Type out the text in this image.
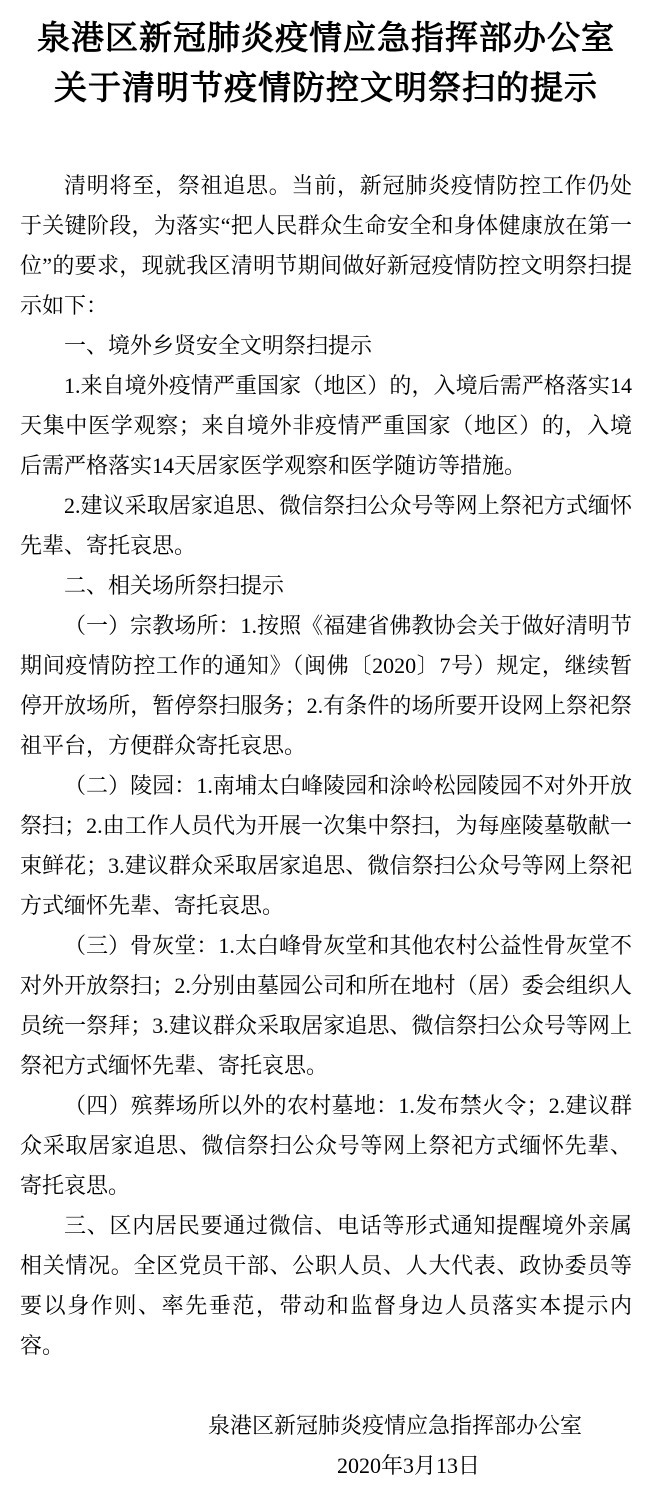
泉港区新冠肺炎疫情应急指挥部办公室
关于清明节疫情防控文明祭扫的提示

清明将至，祭祖追思。当前，新冠肺炎疫情防控工作仍处于关键阶段，为落实“把人民群众生命安全和身体健康放在第一位”的要求，现就我区清明节期间做好新冠疫情防控文明祭扫提示如下：

一、境外乡贤安全文明祭扫提示

1.来自境外疫情严重国家（地区）的，入境后需严格落实14天集中医学观察；来自境外非疫情严重国家（地区）的，入境后需严格落实14天居家医学观察和医学随访等措施。

2.建议采取居家追思、微信祭扫公众号等网上祭祀方式缅怀先辈、寄托哀思。

二、相关场所祭扫提示

（一）宗教场所：1.按照《福建省佛教协会关于做好清明节期间疫情防控工作的通知》（闽佛〔2020〕7号）规定，继续暂停开放场所，暂停祭扫服务；2.有条件的场所要开设网上祭祀祭祖平台，方便群众寄托哀思。

（二）陵园：1.南埔太白峰陵园和涂岭松园陵园不对外开放祭扫；2.由工作人员代为开展一次集中祭扫，为每座陵墓敬献一束鲜花；3.建议群众采取居家追思、微信祭扫公众号等网上祭祀方式缅怀先辈、寄托哀思。

（三）骨灰堂：1.太白峰骨灰堂和其他农村公益性骨灰堂不对外开放祭扫；2.分别由墓园公司和所在地村（居）委会组织人员统一祭拜；3.建议群众采取居家追思、微信祭扫公众号等网上祭祀方式缅怀先辈、寄托哀思。

（四）殡葬场所以外的农村墓地：1.发布禁火令；2.建议群众采取居家追思、微信祭扫公众号等网上祭祀方式缅怀先辈、寄托哀思。

三、区内居民要通过微信、电话等形式通知提醒境外亲属相关情况。全区党员干部、公职人员、人大代表、政协委员等要以身作则、率先垂范，带动和监督身边人员落实本提示内容。

泉港区新冠肺炎疫情应急指挥部办公室

2020年3月13日
